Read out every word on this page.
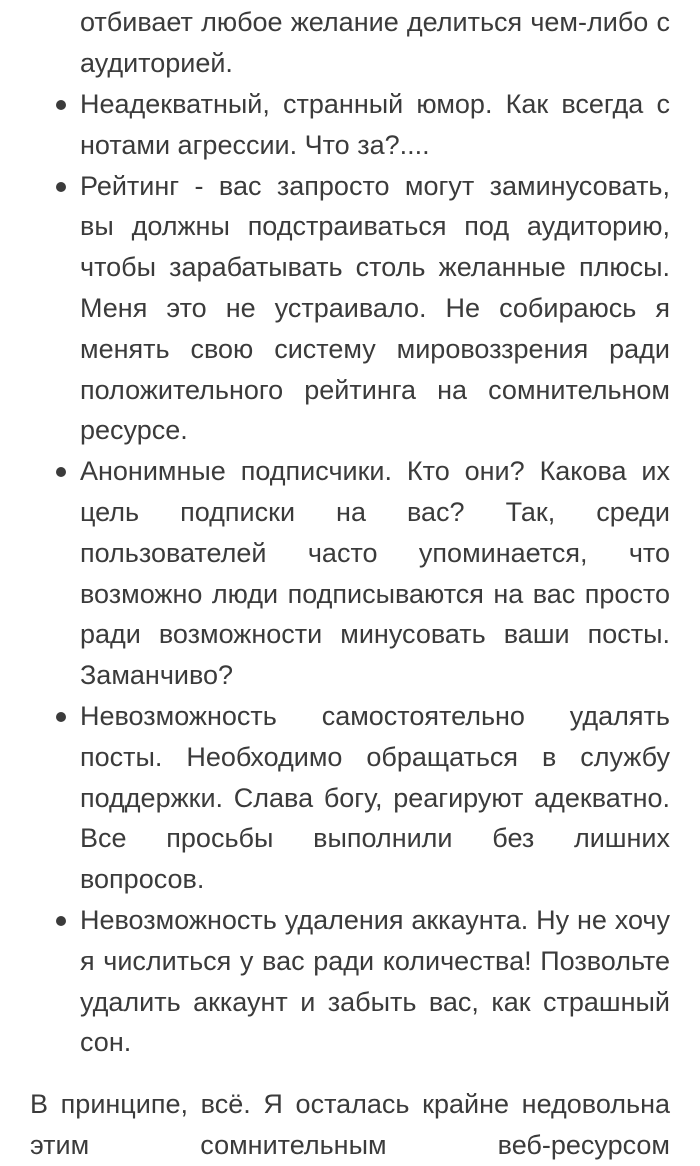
отбивает любое желание делиться чем-либо с аудиторией.

Неадекватный, странный юмор. Как всегда с нотами агрессии. Что за?....
Рейтинг - вас запросто могут заминусовать, вы должны подстраиваться под аудиторию, чтобы зарабатывать столь желанные плюсы. Меня это не устраивало. Не собираюсь я менять свою систему мировоззрения ради положительного рейтинга на сомнительном ресурсе.
Анонимные подписчики. Кто они? Какова их цель подписки на вас? Так, среди пользователей часто упоминается, что возможно люди подписываются на вас просто ради возможности минусовать ваши посты. Заманчиво?
Невозможность самостоятельно удалять посты. Необходимо обращаться в службу поддержки. Слава богу, реагируют адекватно. Все просьбы выполнили без лишних вопросов.
Невозможность удаления аккаунта. Ну не хочу я числиться у вас ради количества! Позвольте удалить аккаунт и забыть вас, как страшный сон.

В принципе, всё. Я осталась крайне недовольна этим сомнительным веб-ресурсом
